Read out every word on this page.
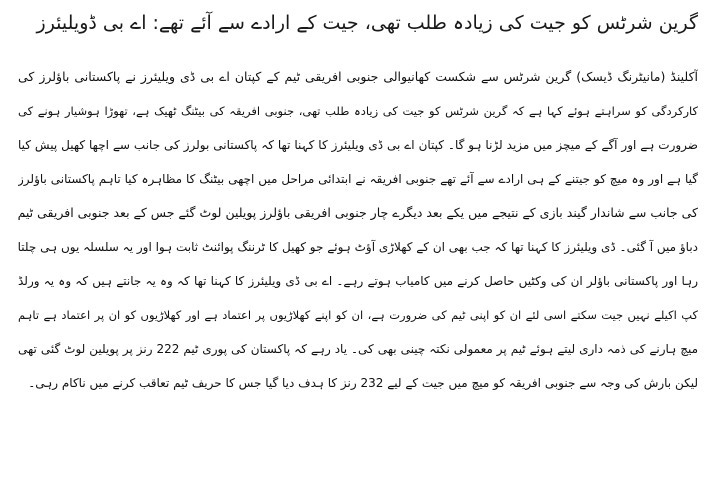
گرین شرٹس کو جیت کی زیادہ طلب تھی، جیت کے ارادے سے آئے تھے: اے بی ڈویلیئرز
آکلینڈ (مانیٹرنگ ڈیسک) گرین شرٹس سے شکست کھانیوالی جنوبی افریقی ٹیم کے کپتان اے بی ڈی ویلیئرز نے پاکستانی باؤلرز کی
کارکردگی کو سراہتے ہوئے کہا ہے کہ گرین شرٹس کو جیت کی زیادہ طلب تھی، جنوبی افریقہ کی بیٹنگ ٹھیک ہے، تھوڑا ہوشیار ہونے کی
ضرورت ہے اور آگے کے میچز میں مزید لڑنا ہو گا۔ کپتان اے بی ڈی ویلیئرز کا کہنا تھا کہ پاکستانی بولرز کی جانب سے اچھا کھیل پیش کیا
گیا ہے اور وہ میچ کو جیتنے کے ہی ارادے سے آئے تھے جنوبی افریقہ نے ابتدائی مراحل میں اچھی بیٹنگ کا مظاہرہ کیا تاہم پاکستانی باؤلرز
کی جانب سے شاندار گیند بازی کے نتیجے میں یکے بعد دیگرے چار جنوبی افریقی باؤلرز پویلین لوٹ گئے جس کے بعد جنوبی افریقی ٹیم
دباؤ میں آ گئی۔ ڈی ویلیئرز کا کہنا تھا کہ جب بھی ان کے کھلاڑی آؤٹ ہوئے جو کھیل کا ٹرننگ پوائنٹ ثابت ہوا اور یہ سلسلہ یوں ہی چلتا
رہا اور پاکستانی باؤلر ان کی وکٹیں حاصل کرنے میں کامیاب ہوتے رہے۔ اے بی ڈی ویلیئرز کا کہنا تھا کہ وہ یہ جانتے ہیں کہ وہ یہ ورلڈ
کپ اکیلے نہیں جیت سکتے اسی لئے ان کو اپنی ٹیم کی ضرورت ہے، ان کو اپنے کھلاڑیوں پر اعتماد ہے اور کھلاڑیوں کو ان پر اعتماد ہے تاہم
میچ ہارنے کی ذمہ داری لیتے ہوئے ٹیم پر معمولی نکتہ چینی بھی کی۔ یاد رہے کہ پاکستان کی پوری ٹیم 222 رنز پر پویلین لوٹ گئی تھی
لیکن بارش کی وجہ سے جنوبی افریقہ کو میچ میں جیت کے لیے 232 رنز کا ہدف دیا گیا جس کا حریف ٹیم تعاقب کرنے میں ناکام رہی۔
